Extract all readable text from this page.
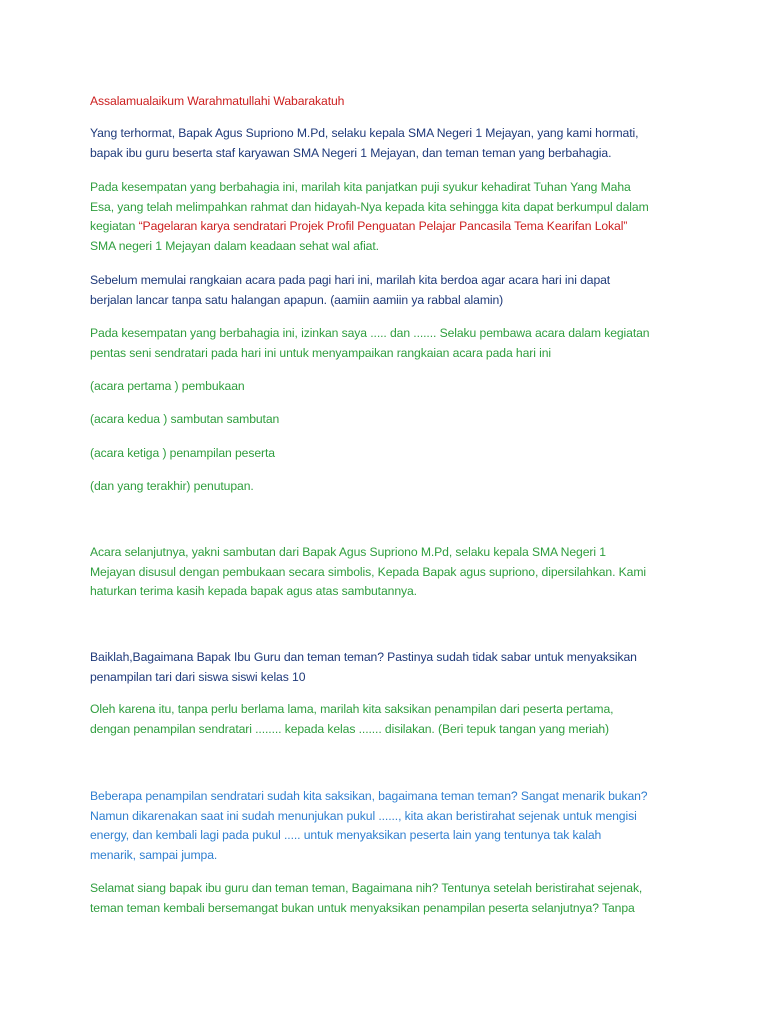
Assalamualaikum Warahmatullahi Wabarakatuh

Yang terhormat, Bapak Agus Supriono M.Pd, selaku kepala SMA Negeri 1 Mejayan, yang kami hormati,
bapak ibu guru beserta staf karyawan SMA Negeri 1 Mejayan, dan teman teman yang berbahagia.

Pada kesempatan yang berbahagia ini, marilah kita panjatkan puji syukur kehadirat Tuhan Yang Maha
Esa, yang telah melimpahkan rahmat dan hidayah-Nya kepada kita sehingga kita dapat berkumpul dalam
kegiatan “Pagelaran karya sendratari Projek Profil Penguatan Pelajar Pancasila Tema Kearifan Lokal”
SMA negeri 1 Mejayan dalam keadaan sehat wal afiat.

Sebelum memulai rangkaian acara pada pagi hari ini, marilah kita berdoa agar acara hari ini dapat
berjalan lancar tanpa satu halangan apapun. (aamiin aamiin ya rabbal alamin)

Pada kesempatan yang berbahagia ini, izinkan saya ..... dan ....... Selaku pembawa acara dalam kegiatan
pentas seni sendratari pada hari ini untuk menyampaikan rangkaian acara pada hari ini

(acara pertama ) pembukaan

(acara kedua ) sambutan sambutan

(acara ketiga ) penampilan peserta

(dan yang terakhir) penutupan.

Acara selanjutnya, yakni sambutan dari Bapak Agus Supriono M.Pd, selaku kepala SMA Negeri 1
Mejayan disusul dengan pembukaan secara simbolis, Kepada Bapak agus supriono, dipersilahkan. Kami
haturkan terima kasih kepada bapak agus atas sambutannya.

Baiklah,Bagaimana Bapak Ibu Guru dan teman teman? Pastinya sudah tidak sabar untuk menyaksikan
penampilan tari dari siswa siswi kelas 10

Oleh karena itu, tanpa perlu berlama lama, marilah kita saksikan penampilan dari peserta pertama,
dengan penampilan sendratari ........ kepada kelas ....... disilakan. (Beri tepuk tangan yang meriah)

Beberapa penampilan sendratari sudah kita saksikan, bagaimana teman teman? Sangat menarik bukan?
Namun dikarenakan saat ini sudah menunjukan pukul ......, kita akan beristirahat sejenak untuk mengisi
energy, dan kembali lagi pada pukul ..... untuk menyaksikan peserta lain yang tentunya tak kalah
menarik, sampai jumpa.

Selamat siang bapak ibu guru dan teman teman, Bagaimana nih? Tentunya setelah beristirahat sejenak,
teman teman kembali bersemangat bukan untuk menyaksikan penampilan peserta selanjutnya? Tanpa
